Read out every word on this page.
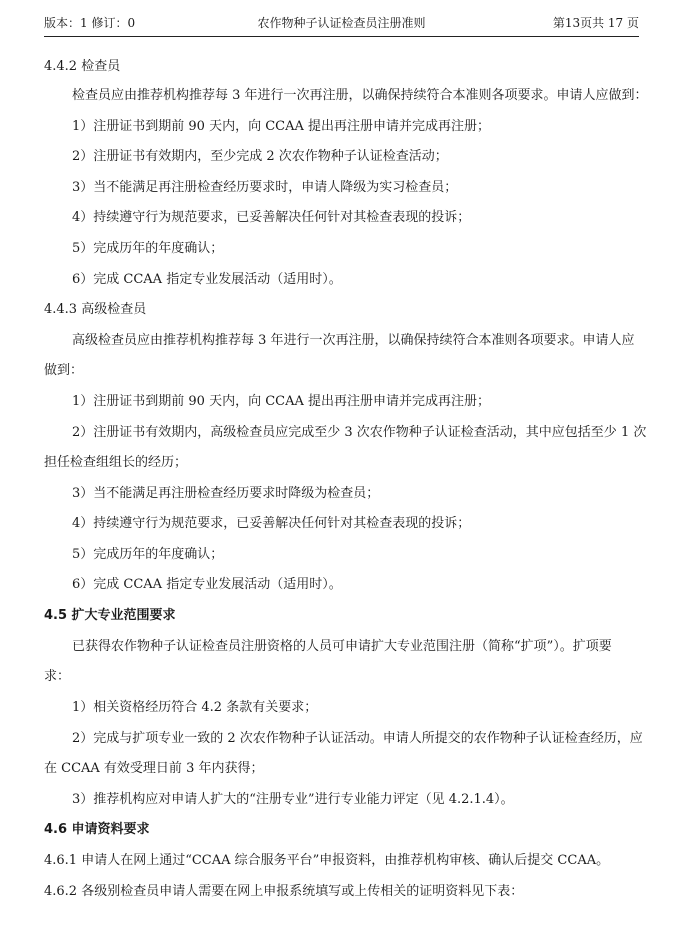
版本：1 修订：0	农作物种子认证检查员注册准则	第13页共 17 页
4.4.2 检查员
检查员应由推荐机构推荐每 3 年进行一次再注册，以确保持续符合本准则各项要求。申请人应做到：
1）注册证书到期前 90 天内，向 CCAA 提出再注册申请并完成再注册；
2）注册证书有效期内，至少完成 2 次农作物种子认证检查活动；
3）当不能满足再注册检查经历要求时，申请人降级为实习检查员；
4）持续遵守行为规范要求，已妥善解决任何针对其检查表现的投诉；
5）完成历年的年度确认；
6）完成 CCAA 指定专业发展活动（适用时）。
4.4.3 高级检查员
高级检查员应由推荐机构推荐每 3 年进行一次再注册，以确保持续符合本准则各项要求。申请人应
做到：
1）注册证书到期前 90 天内，向 CCAA 提出再注册申请并完成再注册；
2）注册证书有效期内，高级检查员应完成至少 3 次农作物种子认证检查活动，其中应包括至少 1 次
担任检查组组长的经历；
3）当不能满足再注册检查经历要求时降级为检查员；
4）持续遵守行为规范要求，已妥善解决任何针对其检查表现的投诉；
5）完成历年的年度确认；
6）完成 CCAA 指定专业发展活动（适用时）。
4.5 扩大专业范围要求
已获得农作物种子认证检查员注册资格的人员可申请扩大专业范围注册（简称“扩项”）。扩项要
求：
1）相关资格经历符合 4.2 条款有关要求；
2）完成与扩项专业一致的 2 次农作物种子认证活动。申请人所提交的农作物种子认证检查经历，应
在 CCAA 有效受理日前 3 年内获得；
3）推荐机构应对申请人扩大的“注册专业”进行专业能力评定（见 4.2.1.4）。
4.6 申请资料要求
4.6.1 申请人在网上通过“CCAA 综合服务平台”申报资料，由推荐机构审核、确认后提交 CCAA。
4.6.2 各级别检查员申请人需要在网上申报系统填写或上传相关的证明资料见下表：
